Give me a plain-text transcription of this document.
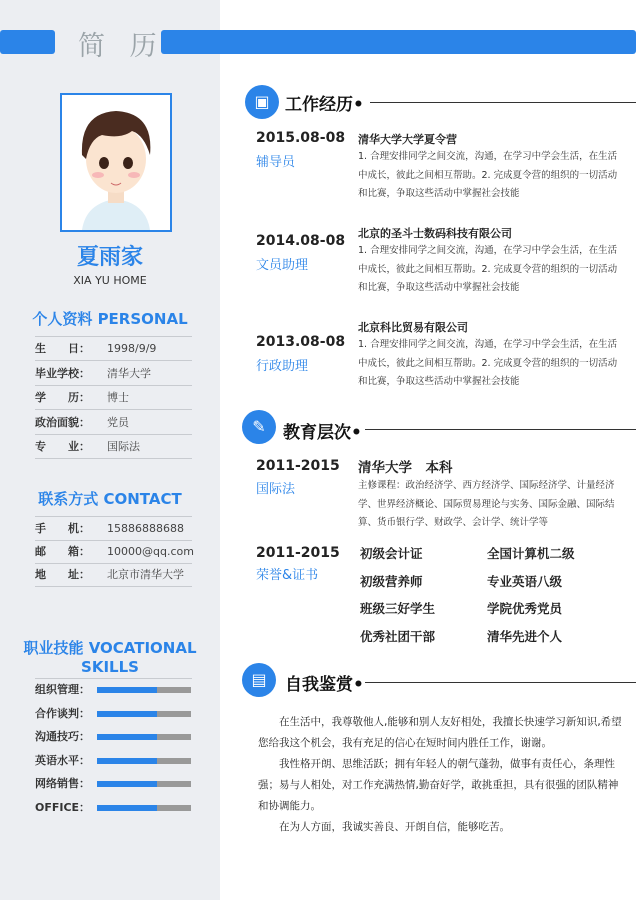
简 历
夏雨家
XIA YU HOME
个人资料 PERSONAL
生　　日： 1998/9/9
毕业学校： 清华大学
学　　历： 博士
政治面貌： 党员
专　　业： 国际法
联系方式 CONTACT
手　　机： 15886888688
邮　　箱： 10000@qq.com
地　　址： 北京市清华大学
职业技能 VOCATIONAL SKILLS
组织管理：
合作谈判：
沟通技巧：
英语水平：
网络销售：
OFFICE：
▣ 工作经历•
2015.08-08
辅导员
清华大学大学夏令营
1. 合理安排同学之间交流，沟通，在学习中学会生活，在生活中成长，彼此之间相互帮助。2. 完成夏令营的组织的一切活动和比赛，争取这些活动中掌握社会技能
2014.08-08
文员助理
北京的圣斗士数码科技有限公司
1. 合理安排同学之间交流，沟通，在学习中学会生活，在生活中成长，彼此之间相互帮助。2. 完成夏令营的组织的一切活动和比赛，争取这些活动中掌握社会技能
2013.08-08
行政助理
北京科比贸易有限公司
1. 合理安排同学之间交流，沟通，在学习中学会生活，在生活中成长，彼此之间相互帮助。2. 完成夏令营的组织的一切活动和比赛，争取这些活动中掌握社会技能
✎	教育层次•
2011-2015
国际法
清华大学　本科
主修课程：政治经济学、西方经济学、国际经济学、计量经济学、世界经济概论、国际贸易理论与实务、国际金融、国际结算、货币银行学、财政学、会计学、统计学等
2011-2015
荣誉&证书
初级会计证	全国计算机二级
初级营养师	专业英语八级
班级三好学生	学院优秀党员
优秀社团干部	清华先进个人
▤	自我鉴赏•

在生活中，我尊敬他人,能够和别人友好相处，我擅长快速学习新知识,希望您给我这个机会，我有充足的信心在短时间内胜任工作，谢谢。

我性格开朗、思维活跃；拥有年轻人的朝气蓬勃，做事有责任心，条理性强；易与人相处，对工作充满热情,勤奋好学，敢挑重担，具有很强的团队精神和协调能力。

在为人方面，我诚实善良、开朗自信，能够吃苦。
